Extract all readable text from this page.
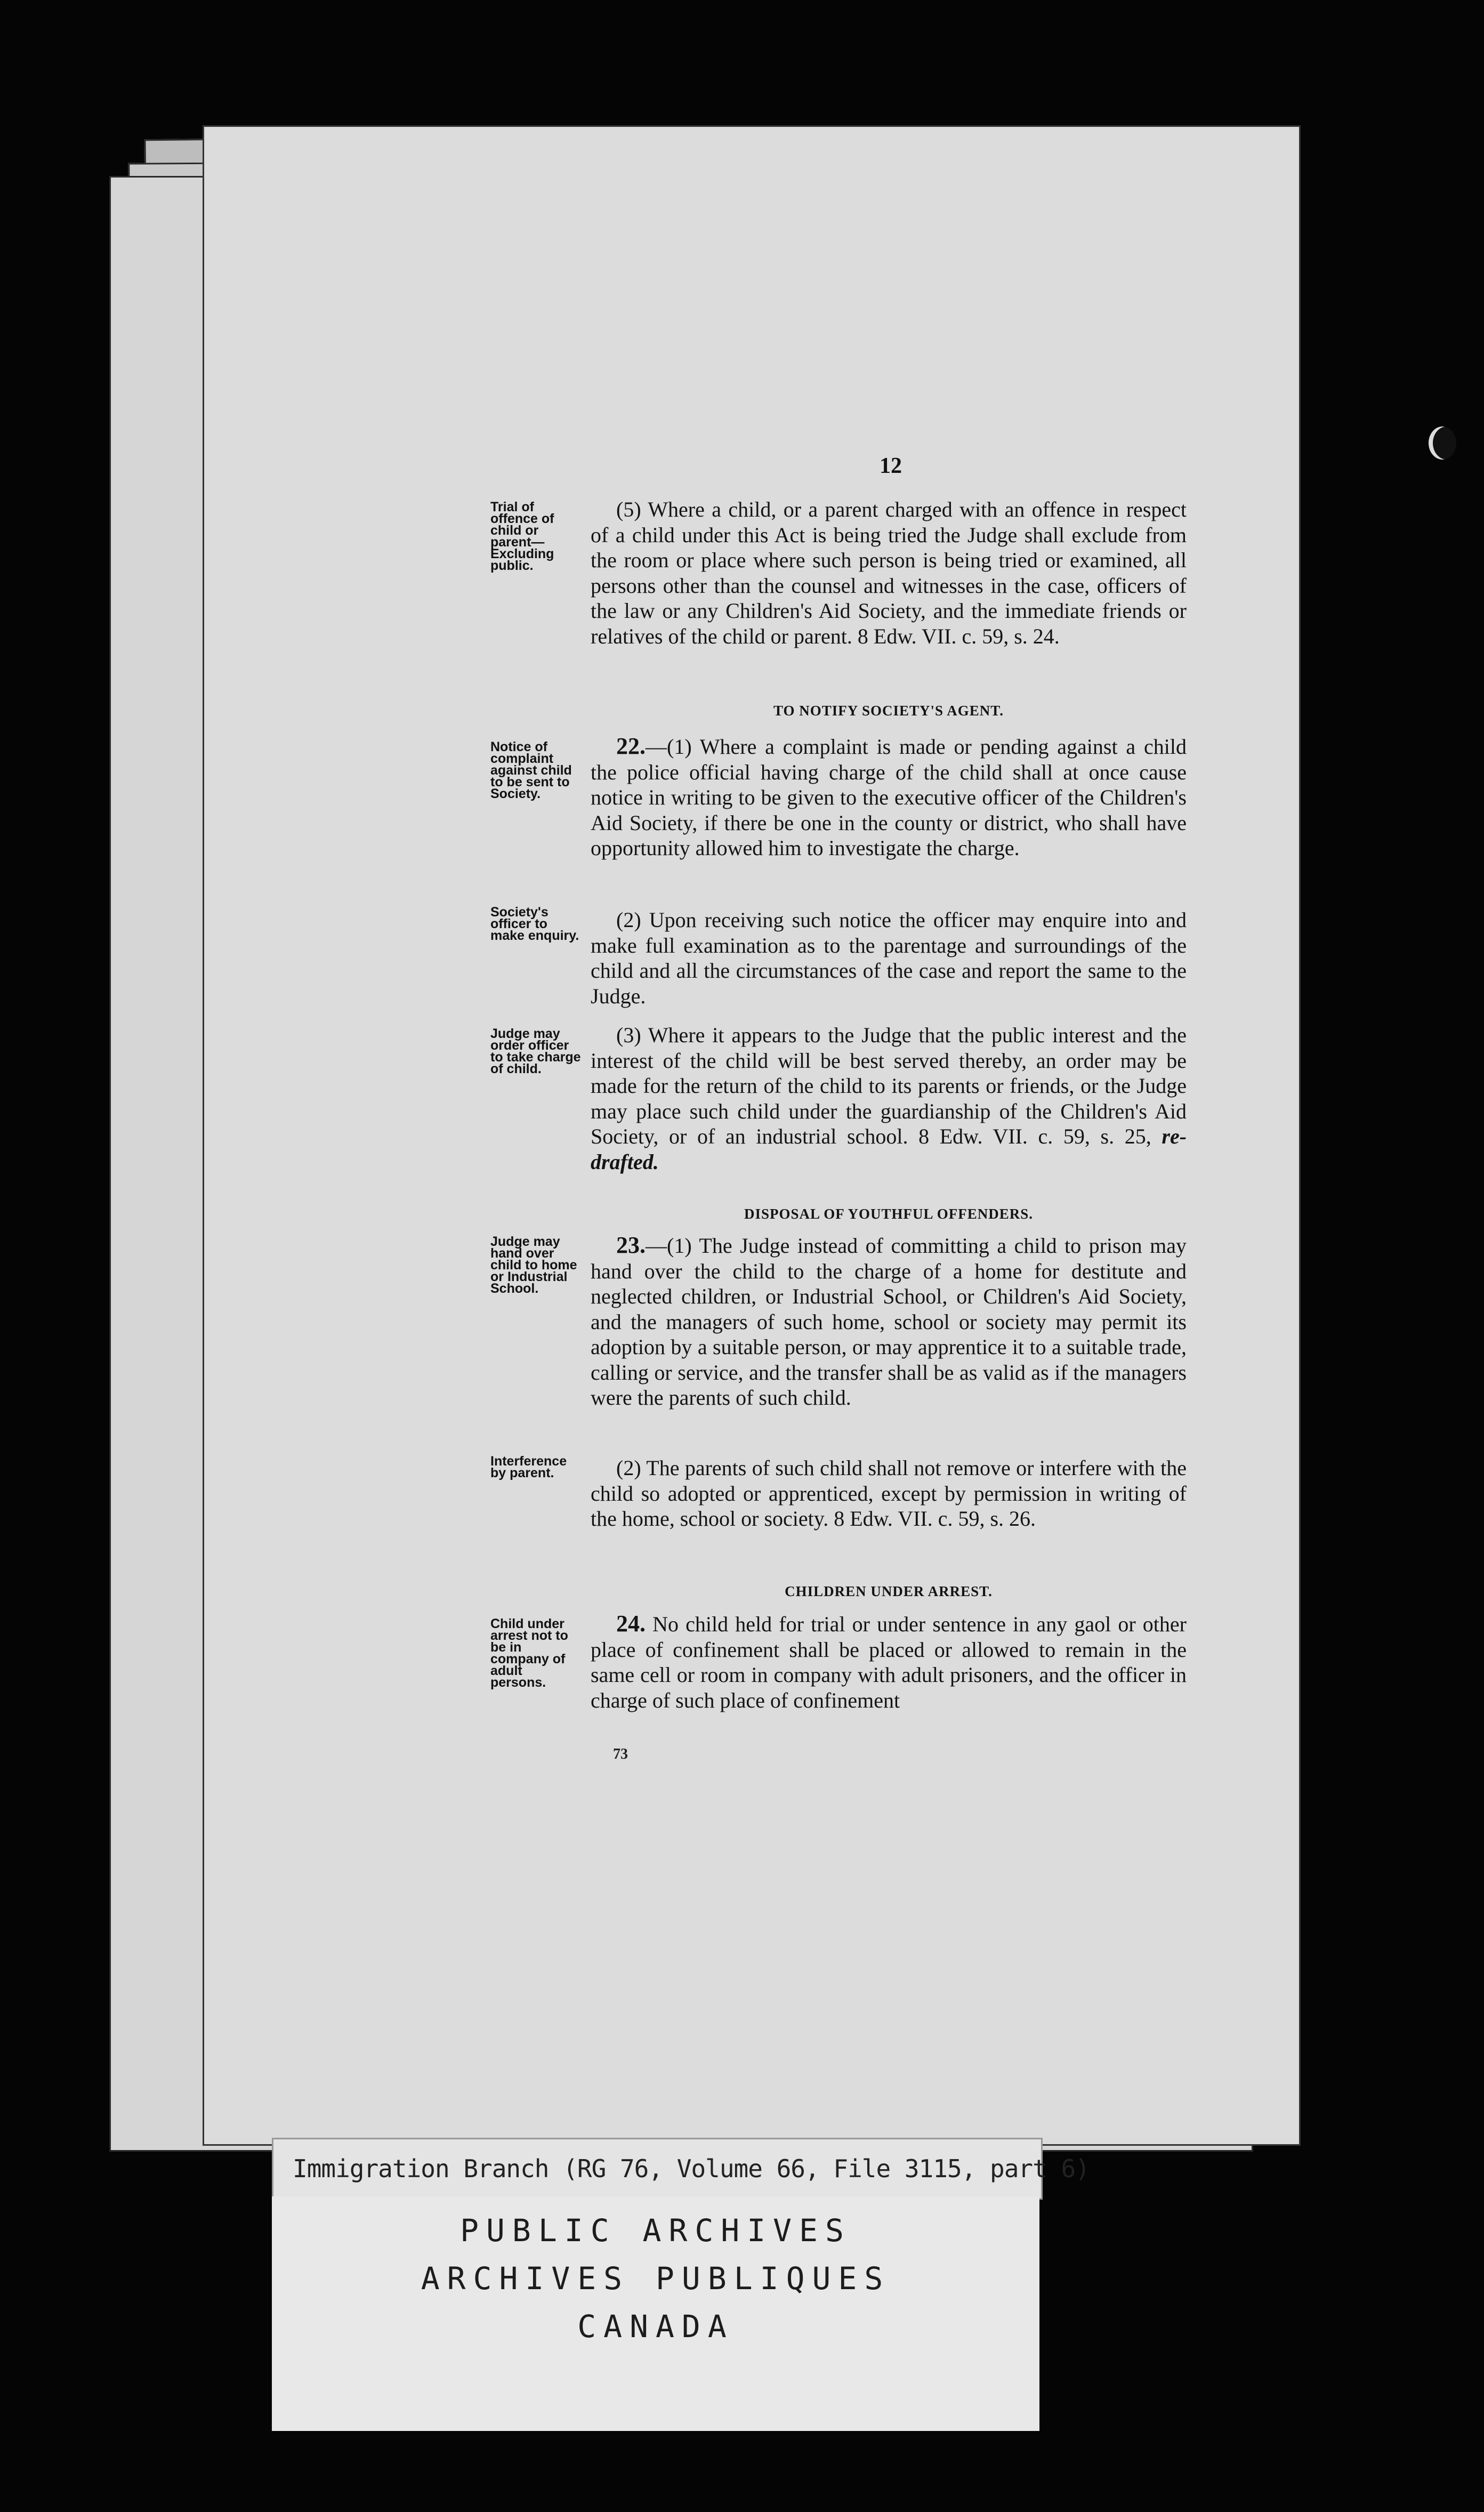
12
Trial of offence of child or parent— Excluding public.
(5) Where a child, or a parent charged with an offence in respect of a child under this Act is being tried the Judge shall exclude from the room or place where such person is being tried or examined, all persons other than the counsel and witnesses in the case, officers of the law or any Children's Aid Society, and the immediate friends or relatives of the child or parent. 8 Edw. VII. c. 59, s. 24.
TO NOTIFY SOCIETY'S AGENT.
Notice of complaint against child to be sent to Society.
22.—(1) Where a complaint is made or pending against a child the police official having charge of the child shall at once cause notice in writing to be given to the executive officer of the Children's Aid Society, if there be one in the county or district, who shall have opportunity allowed him to investigate the charge.
Society's officer to make enquiry.
(2) Upon receiving such notice the officer may enquire into and make full examination as to the parentage and surroundings of the child and all the circumstances of the case and report the same to the Judge.
Judge may order officer to take charge of child.
(3) Where it appears to the Judge that the public interest and the interest of the child will be best served thereby, an order may be made for the return of the child to its parents or friends, or the Judge may place such child under the guardianship of the Children's Aid Society, or of an industrial school. 8 Edw. VII. c. 59, s. 25, re-drafted.
DISPOSAL OF YOUTHFUL OFFENDERS.
Judge may hand over child to home or Industrial School.
23.—(1) The Judge instead of committing a child to prison may hand over the child to the charge of a home for destitute and neglected children, or Industrial School, or Children's Aid Society, and the managers of such home, school or society may permit its adoption by a suitable person, or may apprentice it to a suitable trade, calling or service, and the transfer shall be as valid as if the managers were the parents of such child.
Interference by parent.	(2) The parents of such child shall not remove or interfere with the child so adopted or apprenticed, except by permission in writing of the home, school or society. 8 Edw. VII. c. 59, s. 26.
CHILDREN UNDER ARREST.
Child under arrest not to be in company of adult persons.
24. No child held for trial or under sentence in any gaol or other place of confinement shall be placed or allowed to remain in the same cell or room in company with adult prisoners, and the officer in charge of such place of confinement
73
Immigration Branch (RG 76, Volume 66, File 3115, part 6)
PUBLIC ARCHIVES
ARCHIVES PUBLIQUES
CANADA
